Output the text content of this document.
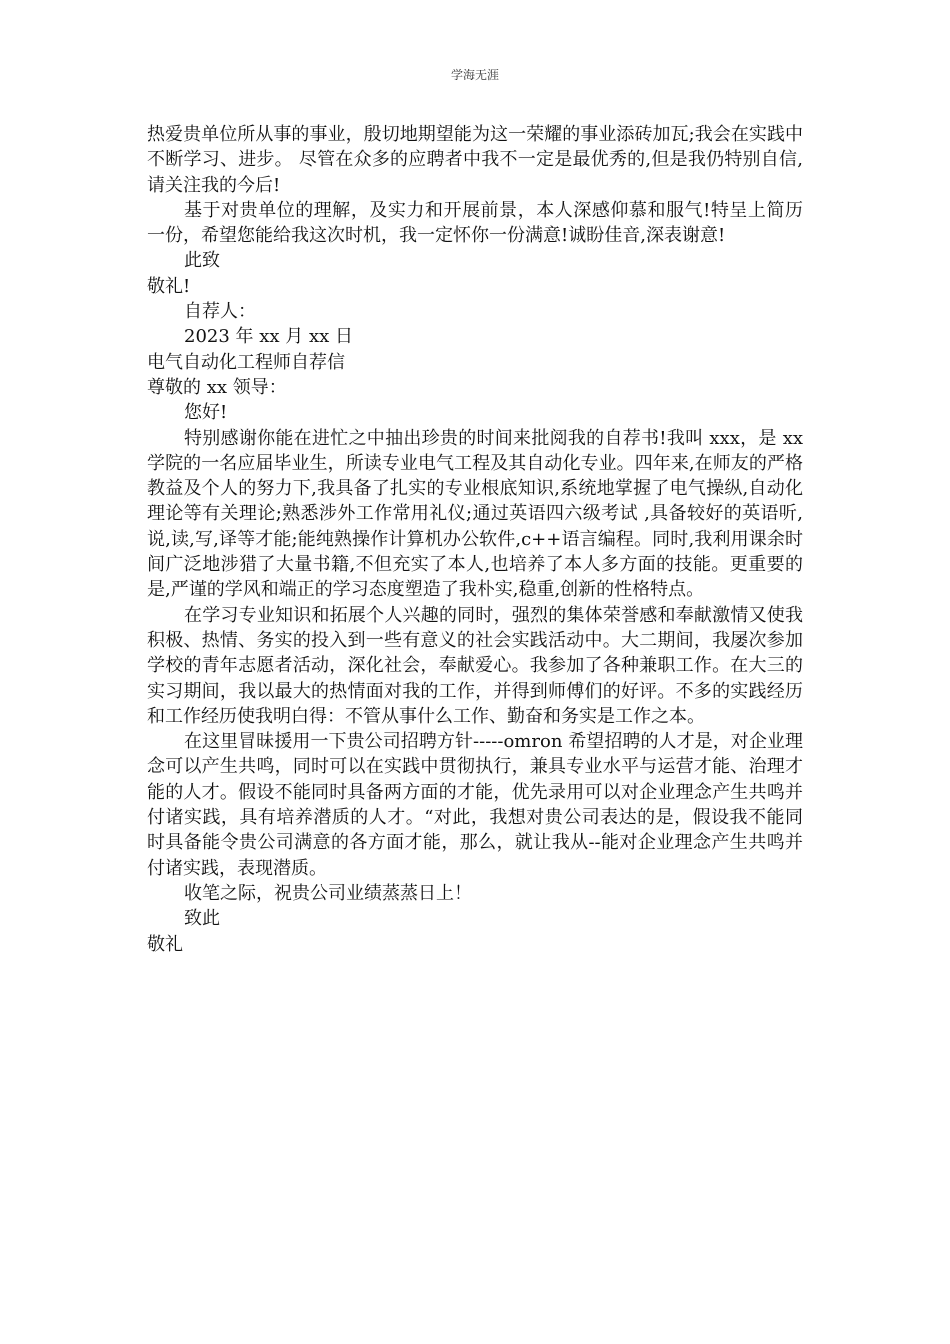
学海无涯

热爱贵单位所从事的事业，殷切地期望能为这一荣耀的事业添砖加瓦;我会在实践中不断学习、进步。 尽管在众多的应聘者中我不一定是最优秀的,但是我仍特别自信,请关注我的今后!

基于对贵单位的理解，及实力和开展前景，本人深感仰慕和服气!特呈上简历一份，希望您能给我这次时机，我一定怀你一份满意!诚盼佳音,深表谢意!

此致

敬礼!

自荐人：

2023 年 xx 月 xx 日

电气自动化工程师自荐信

尊敬的 xx 领导：

您好!

特别感谢你能在进忙之中抽出珍贵的时间来批阅我的自荐书!我叫 xxx，是 xx 学院的一名应届毕业生，所读专业电气工程及其自动化专业。四年来,在师友的严格教益及个人的努力下,我具备了扎实的专业根底知识,系统地掌握了电气操纵,自动化理论等有关理论;熟悉涉外工作常用礼仪;通过英语四六级考试 ,具备较好的英语听,说,读,写,译等才能;能纯熟操作计算机办公软件,c++语言编程。同时,我利用课余时间广泛地涉猎了大量书籍,不但充实了本人,也培养了本人多方面的技能。更重要的是,严谨的学风和端正的学习态度塑造了我朴实,稳重,创新的性格特点。

在学习专业知识和拓展个人兴趣的同时，强烈的集体荣誉感和奉献激情又使我积极、热情、务实的投入到一些有意义的社会实践活动中。大二期间，我屡次参加学校的青年志愿者活动，深化社会，奉献爱心。我参加了各种兼职工作。在大三的实习期间，我以最大的热情面对我的工作，并得到师傅们的好评。不多的实践经历和工作经历使我明白得：不管从事什么工作、勤奋和务实是工作之本。

在这里冒昧援用一下贵公司招聘方针-----omron 希望招聘的人才是，对企业理念可以产生共鸣，同时可以在实践中贯彻执行，兼具专业水平与运营才能、治理才能的人才。假设不能同时具备两方面的才能，优先录用可以对企业理念产生共鸣并付诸实践，具有培养潜质的人才。“对此，我想对贵公司表达的是，假设我不能同时具备能令贵公司满意的各方面才能，那么，就让我从--能对企业理念产生共鸣并付诸实践，表现潜质。

收笔之际，祝贵公司业绩蒸蒸日上！

致此

敬礼
